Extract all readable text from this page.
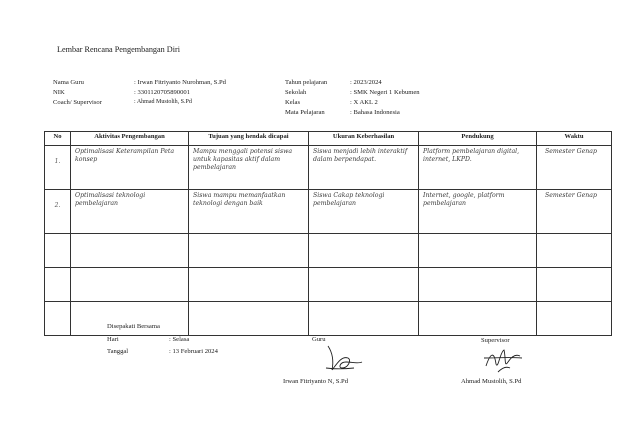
Lembar Rencana Pengembangan Diri
Nama Guru	: Irwan Fitriyanto Nurohman, S.Pd
NIK	: 3301120705890001
Coach/ Supervisor	: Ahmad Mustolih, S.Pd
Tahun pelajaran	: 2023/2024
Sekolah	: SMK Negeri 1 Kebumen
Kelas	: X AKL 2
Mata Pelajaran	: Bahasa Indonesia
No	Aktivitas Pengembangan	Tujuan yang hendak dicapai	Ukuran Keberhasilan	Pendukung	Waktu
1.	Optimalisasi Keterampilan Peta konsep	Mampu menggali potensi siswa untuk kapasitas aktif dalam pembelajaran	Siswa menjadi lebih interaktif dalam berpendapat.	Platform pembelajaran digital, internet, LKPD.	Semester Genap
2.	Optimalisasi teknologi pembelajaran	Siswa mampu memanfaatkan teknologi dengan baik	Siswa Cakap teknologi pembelajaran	Internet, google, platform pembelajaran	Semester Genap

Disepakati Bersama
Hari	: Selasa
Tanggal	: 13 Februari 2024
Guru
Irwan Fitriyanto N, S.Pd
Supervisor
Ahmad Mustolih, S.Pd
